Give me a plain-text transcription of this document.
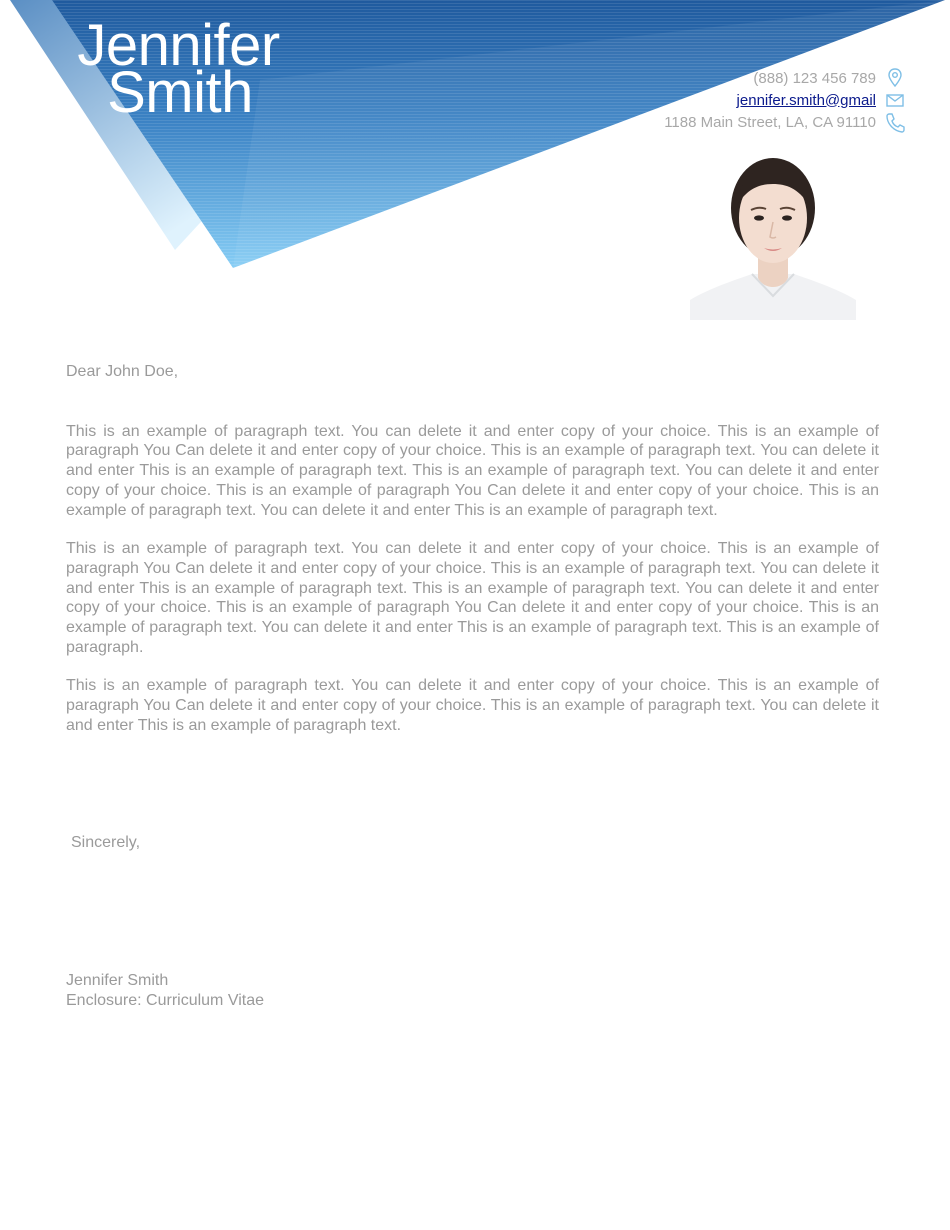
Jennifer
Smith	(888) 123 456 789
jennifer.smith@gmail
1188 Main Street, LA, CA 91110

Dear John Doe,

This is an example of paragraph text. You can delete it and enter copy of your choice. This is an example of paragraph You Can delete it and enter copy of your choice. This is an example of paragraph text. You can delete it and enter This is an example of paragraph text. This is an example of paragraph text. You can delete it and enter copy of your choice. This is an example of paragraph You Can delete it and enter copy of your choice. This is an example of paragraph text. You can delete it and enter This is an example of paragraph text.

This is an example of paragraph text. You can delete it and enter copy of your choice. This is an example of paragraph You Can delete it and enter copy of your choice. This is an example of paragraph text. You can delete it and enter This is an example of paragraph text. This is an example of paragraph text. You can delete it and enter copy of your choice. This is an example of paragraph You Can delete it and enter copy of your choice. This is an example of paragraph text. You can delete it and enter This is an example of paragraph text. This is an example of paragraph.

This is an example of paragraph text. You can delete it and enter copy of your choice. This is an example of paragraph You Can delete it and enter copy of your choice. This is an example of paragraph text. You can delete it and enter This is an example of paragraph text.

Sincerely,
Jennifer Smith
Enclosure: Curriculum Vitae
